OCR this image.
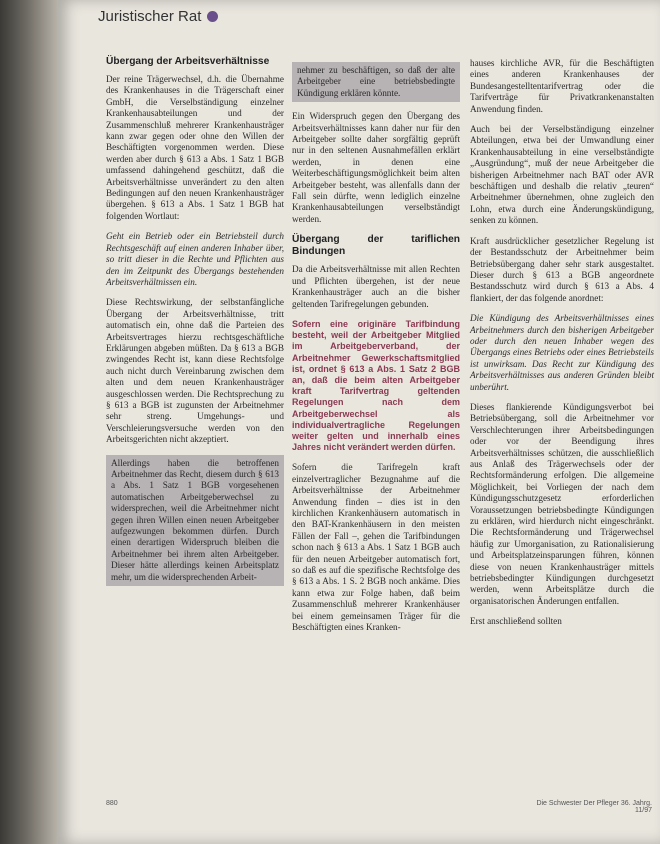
Juristischer Rat
Übergang der Arbeitsverhältnisse

Der reine Trägerwechsel, d.h. die Übernahme des Krankenhauses in die Trägerschaft einer GmbH, die Verselbständigung einzelner Krankenhausabteilungen und der Zusammenschluß mehrerer Krankenhausträger kann zwar gegen oder ohne den Willen der Beschäftigten vorgenommen werden. Diese werden aber durch § 613 a Abs. 1 Satz 1 BGB umfassend dahingehend geschützt, daß die Arbeitsverhältnisse unverändert zu den alten Bedingungen auf den neuen Krankenhausträger übergehen. § 613 a Abs. 1 Satz 1 BGB hat folgenden Wortlaut:

Geht ein Betrieb oder ein Betriebsteil durch Rechtsgeschäft auf einen anderen Inhaber über, so tritt dieser in die Rechte und Pflichten aus den im Zeitpunkt des Übergangs bestehenden Arbeitsverhältnissen ein.

Diese Rechtswirkung, der selbstanfängliche Übergang der Arbeitsverhältnisse, tritt automatisch ein, ohne daß die Parteien des Arbeitsvertrages hierzu rechtsgeschäftliche Erklärungen abgeben müßten. Da § 613 a BGB zwingendes Recht ist, kann diese Rechtsfolge auch nicht durch Vereinbarung zwischen dem alten und dem neuen Krankenhausträger ausgeschlossen werden. Die Rechtsprechung zu § 613 a BGB ist zugunsten der Arbeitnehmer sehr streng. Umgehungs- und Verschleierungsversuche werden von den Arbeitsgerichten nicht akzeptiert.

Allerdings haben die betroffenen Arbeitnehmer das Recht, diesem durch § 613 a Abs. 1 Satz 1 BGB vorgesehenen automatischen Arbeitgeberwechsel zu widersprechen, weil die Arbeitnehmer nicht gegen ihren Willen einen neuen Arbeitgeber aufgezwungen bekommen dürfen. Durch einen derartigen Widerspruch bleiben die Arbeitnehmer bei ihrem alten Arbeitgeber. Dieser hätte allerdings keinen Arbeitsplatz mehr, um die widersprechenden Arbeit-
nehmer zu beschäftigen, so daß der alte Arbeitgeber eine betriebsbedingte Kündigung erklären könnte.

Ein Widerspruch gegen den Übergang des Arbeitsverhältnisses kann daher nur für den Arbeitgeber sollte daher sorgfältig geprüft nur in den seltenen Ausnahmefällen erklärt werden, in denen eine Weiterbeschäftigungsmöglichkeit beim alten Arbeitgeber besteht, was allenfalls dann der Fall sein dürfte, wenn lediglich einzelne Krankenhausabteilungen verselbständigt werden.

Übergang der tariflichen Bindungen

Da die Arbeitsverhältnisse mit allen Rechten und Pflichten übergehen, ist der neue Krankenhausträger auch an die bisher geltenden Tarifregelungen gebunden.

Sofern eine originäre Tarifbindung besteht, weil der Arbeitgeber Mitglied im Arbeitgeberverband, der Arbeitnehmer Gewerkschaftsmitglied ist, ordnet § 613 a Abs. 1 Satz 2 BGB an, daß die beim alten Arbeitgeber kraft Tarifvertrag geltenden Regelungen nach dem Arbeitgeberwechsel als individualvertragliche Regelungen weiter gelten und innerhalb eines Jahres nicht verändert werden dürfen.

Sofern die Tarifregeln kraft einzelvertraglicher Bezugnahme auf die Arbeitsverhältnisse der Arbeitnehmer Anwendung finden – dies ist in den kirchlichen Krankenhäusern automatisch in den BAT-Krankenhäusern in den meisten Fällen der Fall –, gehen die Tarifbindungen schon nach § 613 a Abs. 1 Satz 1 BGB auch für den neuen Arbeitgeber automatisch fort, so daß es auf die spezifische Rechtsfolge des § 613 a Abs. 1 S. 2 BGB noch ankäme. Dies kann etwa zur Folge haben, daß beim Zusammenschluß mehrerer Krankenhäuser bei einem gemeinsamen Träger für die Beschäftigten eines Kranken-

hauses kirchliche AVR, für die Beschäftigten eines anderen Krankenhauses der Bundesangestelltentarifvertrag oder die Tarifverträge für Privatkrankenanstalten Anwendung finden.

Auch bei der Verselbständigung einzelner Abteilungen, etwa bei der Umwandlung einer Krankenhausabteilung in eine verselbständigte „Ausgründung“, muß der neue Arbeitgeber die bisherigen Arbeitnehmer nach BAT oder AVR beschäftigen und deshalb die relativ „teuren“ Arbeitnehmer übernehmen, ohne zugleich den Lohn, etwa durch eine Änderungskündigung, senken zu können.

Kraft ausdrücklicher gesetzlicher Regelung ist der Bestandsschutz der Arbeitnehmer beim Betriebsübergang daher sehr stark ausgestaltet. Dieser durch § 613 a BGB angeordnete Bestandsschutz wird durch § 613 a Abs. 4 flankiert, der das folgende anordnet:

Die Kündigung des Arbeitsverhältnisses eines Arbeitnehmers durch den bisherigen Arbeitgeber oder durch den neuen Inhaber wegen des Übergangs eines Betriebs oder eines Betriebsteils ist unwirksam. Das Recht zur Kündigung des Arbeitsverhältnisses aus anderen Gründen bleibt unberührt.

Dieses flankierende Kündigungsverbot bei Betriebsübergang, soll die Arbeitnehmer vor Verschlechterungen ihrer Arbeitsbedingungen oder vor der Beendigung ihres Arbeitsverhältnisses schützen, die ausschließlich aus Anlaß des Trägerwechsels oder der Rechtsformänderung erfolgen. Die allgemeine Möglichkeit, bei Vorliegen der nach dem Kündigungsschutzgesetz erforderlichen Voraussetzungen betriebsbedingte Kündigungen zu erklären, wird hierdurch nicht eingeschränkt. Die Rechtsformänderung und Trägerwechsel häufig zur Umorganisation, zu Rationalisierung und Arbeitsplatzeinsparungen führen, können diese von neuen Krankenhausträger mittels betriebsbedingter Kündigungen durchgesetzt werden, wenn Arbeitsplätze durch die organisatorischen Änderungen entfallen.

Erst anschließend sollten

880	Die Schwester Der Pfleger 36. Jahrg. 11/97
